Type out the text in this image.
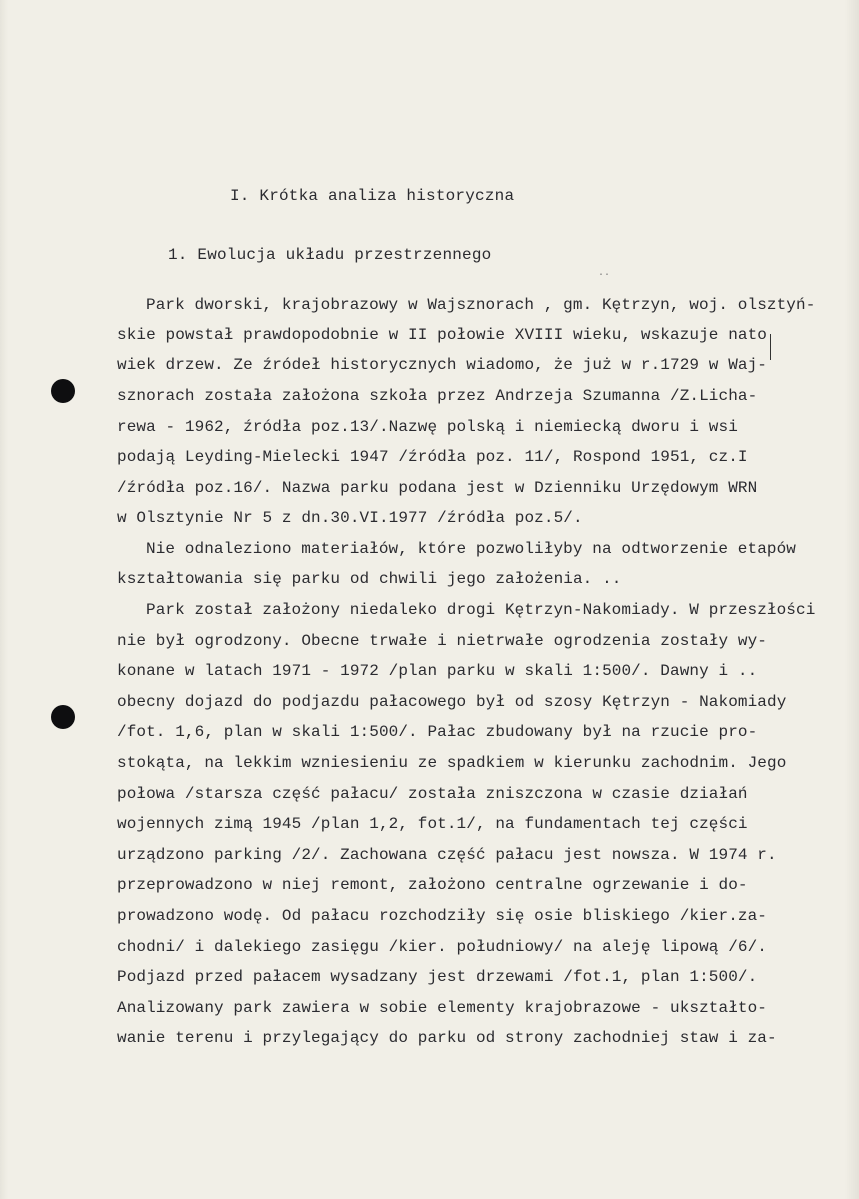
I. Krótka analiza historyczna
1. Ewolucja układu przestrzennego
..
Park dworski, krajobrazowy w Wajsznorach , gm. Kętrzyn, woj. olsztyń-
skie powstał prawdopodobnie w II połowie XVIII wieku, wskazuje nato
wiek drzew. Ze źródeł historycznych wiadomo, że już w r.1729 w Waj-
sznorach została założona szkoła przez Andrzeja Szumanna /Z.Licha-
rewa - 1962, źródła poz.13/.Nazwę polską i niemiecką dworu i wsi
podają Leyding-Mielecki 1947 /źródła poz. 11/, Rospond 1951, cz.I
/źródła poz.16/. Nazwa parku podana jest w Dzienniku Urzędowym WRN
w Olsztynie Nr 5 z dn.30.VI.1977 /źródła poz.5/.
Nie odnaleziono materiałów, które pozwoliłyby na odtworzenie etapów
kształtowania się parku od chwili jego założenia. ..
Park został założony niedaleko drogi Kętrzyn-Nakomiady. W przeszłości
nie był ogrodzony. Obecne trwałe i nietrwałe ogrodzenia zostały wy-
konane w latach 1971 - 1972 /plan parku w skali 1:500/. Dawny i ..
obecny dojazd do podjazdu pałacowego był od szosy Kętrzyn - Nakomiady
/fot. 1,6, plan w skali 1:500/. Pałac zbudowany był na rzucie pro-
stokąta, na lekkim wzniesieniu ze spadkiem w kierunku zachodnim. Jego
połowa /starsza część pałacu/ została zniszczona w czasie działań
wojennych zimą 1945 /plan 1,2, fot.1/, na fundamentach tej części
urządzono parking /2/. Zachowana część pałacu jest nowsza. W 1974 r.
przeprowadzono w niej remont, założono centralne ogrzewanie i do-
prowadzono wodę. Od pałacu rozchodziły się osie bliskiego /kier.za-
chodni/ i dalekiego zasięgu /kier. południowy/ na aleję lipową /6/.
Podjazd przed pałacem wysadzany jest drzewami /fot.1, plan 1:500/.
Analizowany park zawiera w sobie elementy krajobrazowe - ukształto-
wanie terenu i przylegający do parku od strony zachodniej staw i za-
